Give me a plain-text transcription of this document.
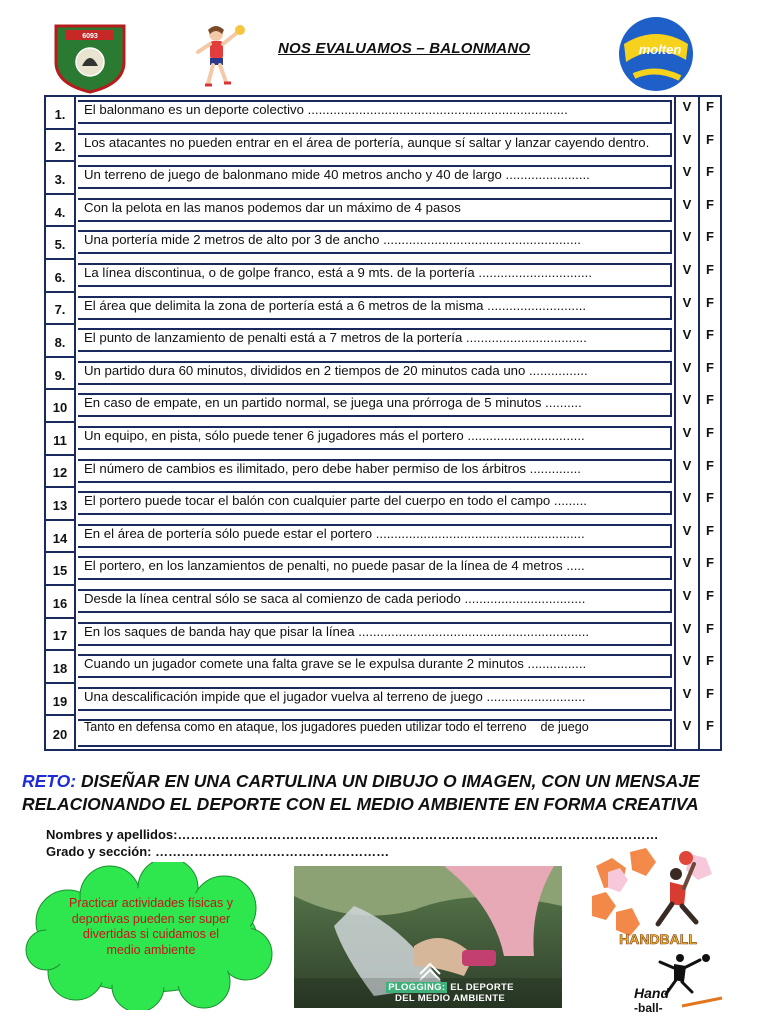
6093
NOS EVALUAMOS – BALONMANO	molten
1.	El balonmano es un deporte colectivo .......................................................................	V	F
2.	Los atacantes no pueden entrar en el área de portería, aunque sí saltar y lanzar cayendo dentro.	V	F
3.	Un terreno de juego de balonmano mide 40 metros ancho y 40 de largo .......................	V	F
4.	Con la pelota en las manos podemos dar un máximo de 4 pasos	V	F
5.	Una portería mide 2 metros de alto por 3 de ancho ......................................................	V	F
6.	La línea discontinua, o de golpe franco, está a 9 mts. de la portería ...............................	V	F
7.	El área que delimita la zona de portería está a 6 metros de la misma ...........................	V	F
8.	El punto de lanzamiento de penalti está a 7 metros de la portería .................................	V	F
9.	Un partido dura 60 minutos, divididos en 2 tiempos de 20 minutos cada uno ................	V	F
10	En caso de empate, en un partido normal, se juega una prórroga de 5 minutos ..........	V	F
11	Un equipo, en pista, sólo puede tener 6 jugadores más el portero ................................	V	F
12	El número de cambios es ilimitado, pero debe haber permiso de los árbitros ..............	V	F
13	El portero puede tocar el balón con cualquier parte del cuerpo en todo el campo .........	V	F
14	En el área de portería sólo puede estar el portero .........................................................	V	F
15	El portero, en los lanzamientos de penalti, no puede pasar de la línea de 4 metros .....	V	F
16	Desde la línea central sólo se saca al comienzo de cada periodo .................................	V	F
17	En los saques de banda hay que pisar la línea ...............................................................	V	F
18	Cuando un jugador comete una falta grave se le expulsa durante 2 minutos ................	V	F
19	Una descalificación impide que el jugador vuelva al terreno de juego ...........................	V	F
20	Tanto en defensa como en ataque, los jugadores pueden utilizar todo el terreno    de juego	V	F
RETO: DISEÑAR EN UNA CARTULINA UN DIBUJO O IMAGEN, CON UN MENSAJE RELACIONANDO EL DEPORTE CON EL MEDIO AMBIENTE EN FORMA CREATIVA
Nombres y apellidos:…………………………………………………………………………………………………
Grado y sección: ………………………………………………
Practicar actividades físicas y deportivas pueden ser super divertidas si cuidamos el medio ambiente
PLOGGING: EL DEPORTE
DEL MEDIO AMBIENTE
HANDBALL
Hand
-ball-
